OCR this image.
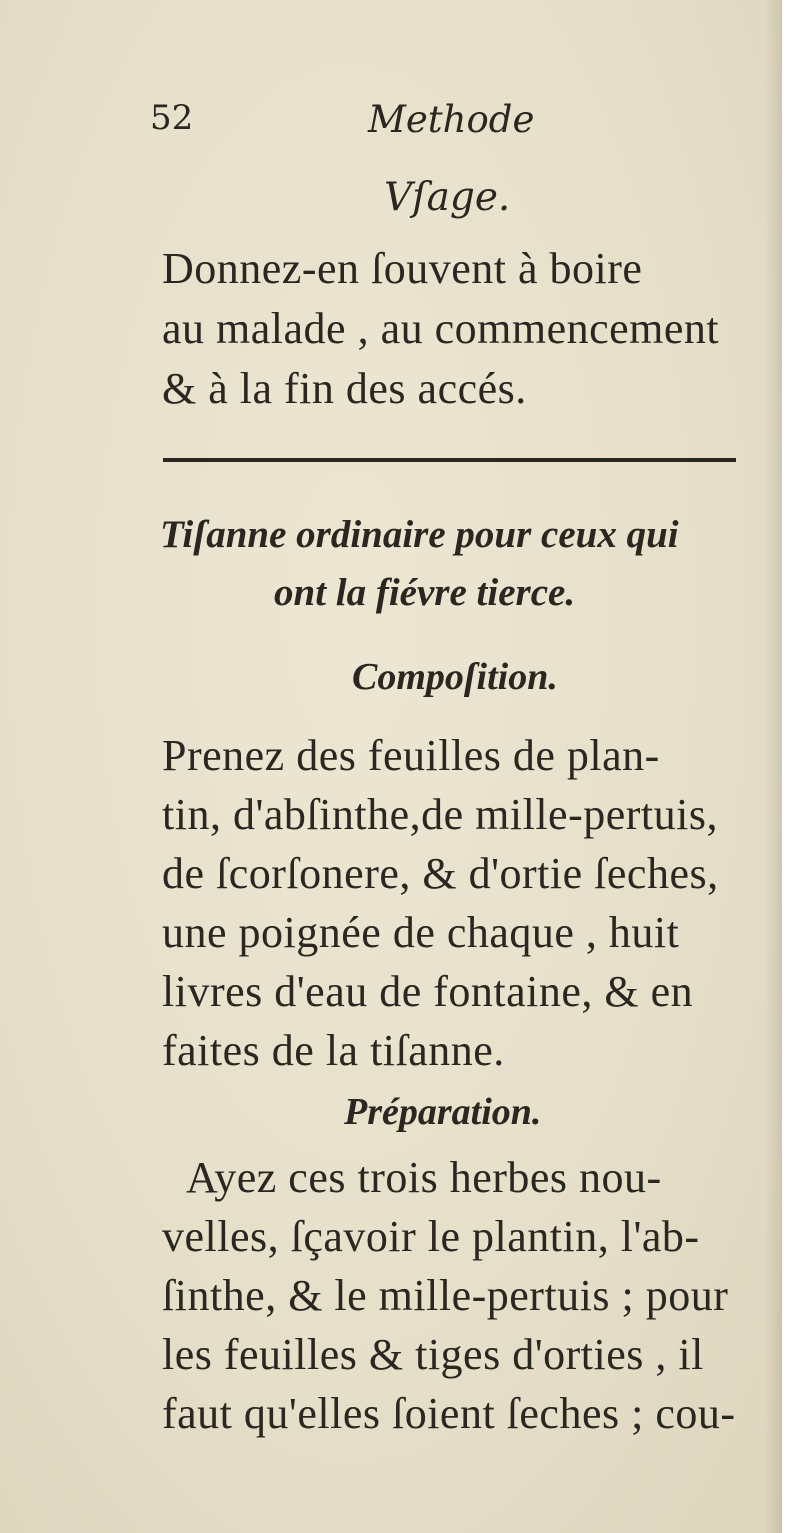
52	Methode
Vſage.
Donnez-en ſouvent à boire
au malade , au commencement
& à la fin des accés.
Tiſanne ordinaire pour ceux qui
ont la fiévre tierce.
Compoſition.
Prenez des feuilles de plan-
tin, d'abſinthe,de mille-pertuis,
de ſcorſonere, & d'ortie ſeches,
une poignée de chaque , huit
livres d'eau de fontaine, & en
faites de la tiſanne.
Préparation.
Ayez ces trois herbes nou-
velles, ſçavoir le plantin, l'ab-
ſinthe, & le mille-pertuis ; pour
les feuilles & tiges d'orties , il
faut qu'elles ſoient ſeches ; cou-
